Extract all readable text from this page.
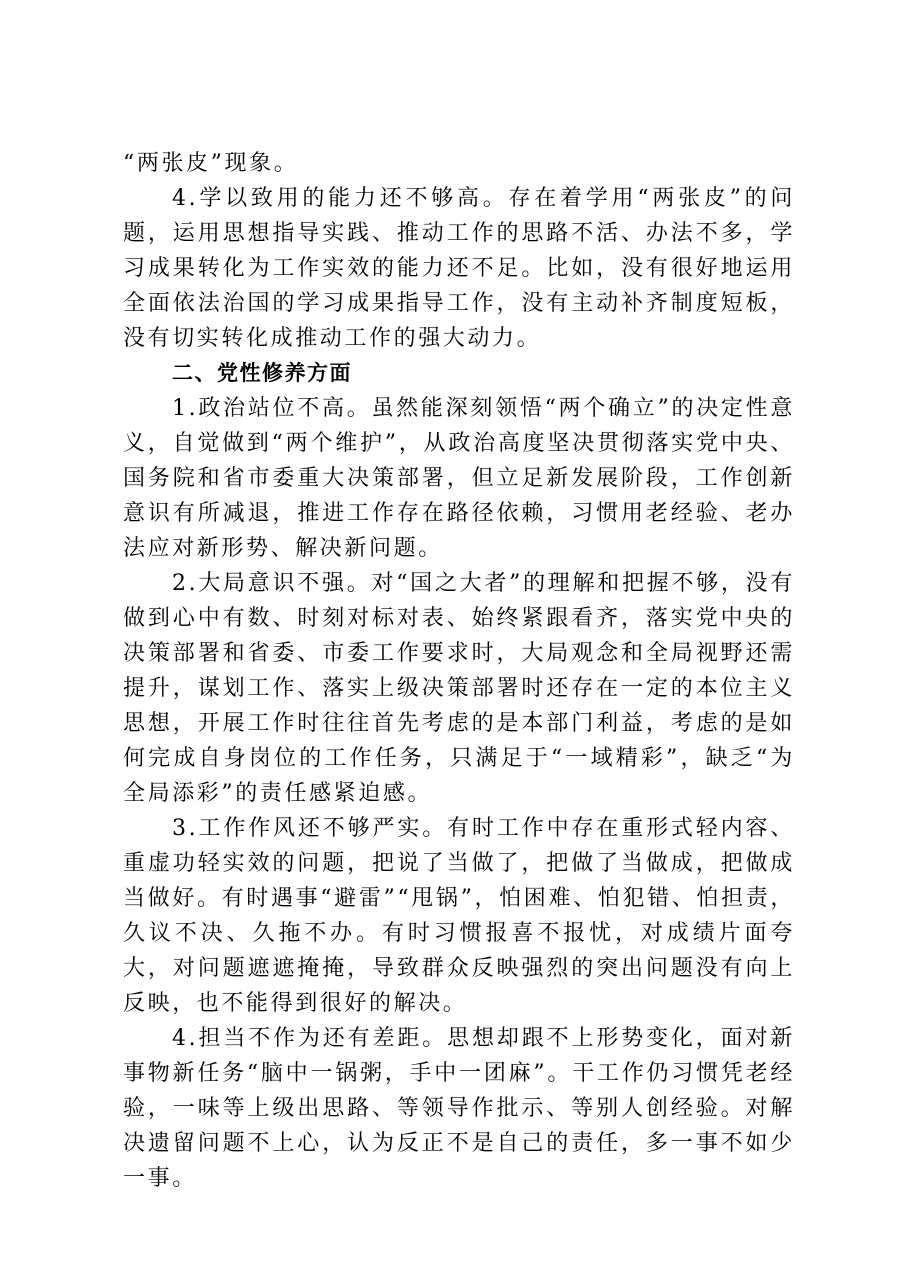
“两张皮”现象。

4.学以致用的能力还不够高。存在着学用“两张皮”的问题，运用思想指导实践、推动工作的思路不活、办法不多，学习成果转化为工作实效的能力还不足。比如，没有很好地运用全面依法治国的学习成果指导工作，没有主动补齐制度短板，没有切实转化成推动工作的强大动力。

二、党性修养方面

1.政治站位不高。虽然能深刻领悟“两个确立”的决定性意义，自觉做到“两个维护”，从政治高度坚决贯彻落实党中央、国务院和省市委重大决策部署，但立足新发展阶段，工作创新意识有所减退，推进工作存在路径依赖，习惯用老经验、老办法应对新形势、解决新问题。

2.大局意识不强。对“国之大者”的理解和把握不够，没有做到心中有数、时刻对标对表、始终紧跟看齐，落实党中央的决策部署和省委、市委工作要求时，大局观念和全局视野还需提升，谋划工作、落实上级决策部署时还存在一定的本位主义思想，开展工作时往往首先考虑的是本部门利益，考虑的是如何完成自身岗位的工作任务，只满足于“一域精彩”，缺乏“为全局添彩”的责任感紧迫感。

3.工作作风还不够严实。有时工作中存在重形式轻内容、重虚功轻实效的问题，把说了当做了，把做了当做成，把做成当做好。有时遇事“避雷”“甩锅”，怕困难、怕犯错、怕担责，久议不决、久拖不办。有时习惯报喜不报忧，对成绩片面夸大，对问题遮遮掩掩，导致群众反映强烈的突出问题没有向上反映，也不能得到很好的解决。

4.担当不作为还有差距。思想却跟不上形势变化，面对新事物新任务“脑中一锅粥，手中一团麻”。干工作仍习惯凭老经验，一味等上级出思路、等领导作批示、等别人创经验。对解决遗留问题不上心，认为反正不是自己的责任，多一事不如少一事。
